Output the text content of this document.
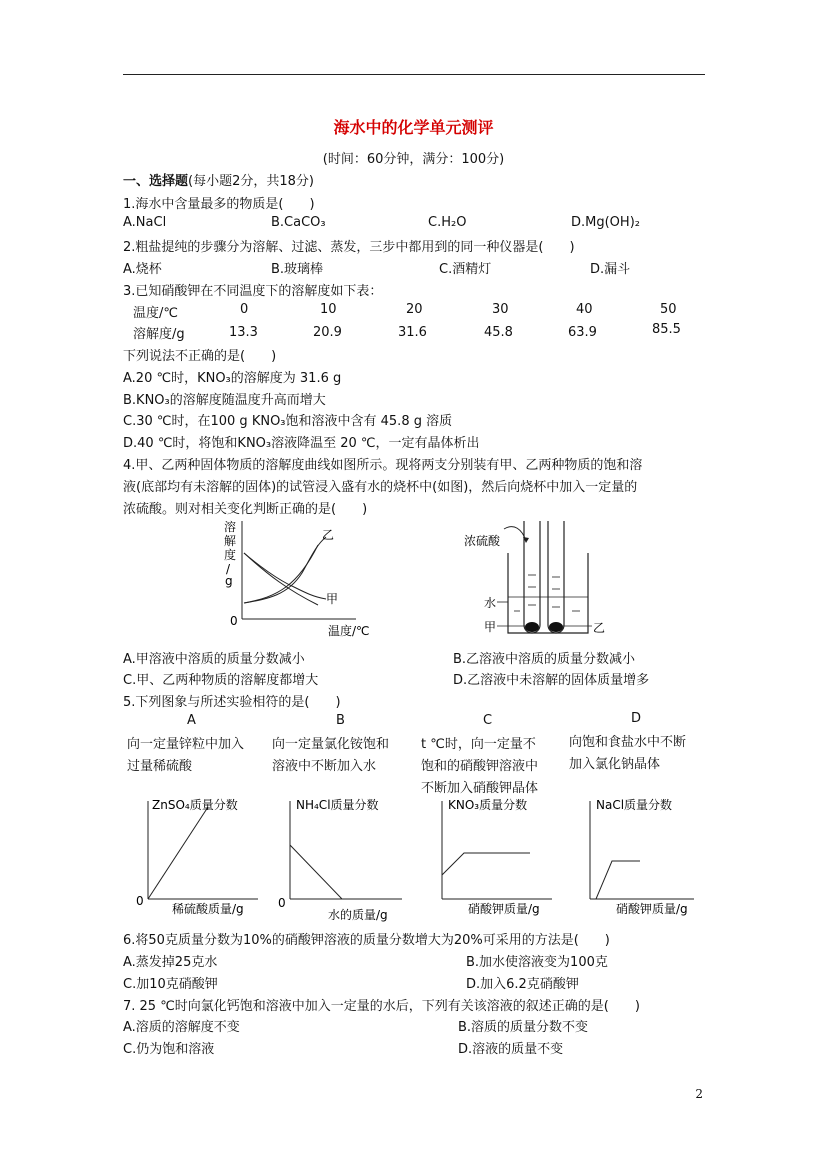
海水中的化学单元测评
(时间：60分钟，满分：100分)
一、选择题(每小题2分，共18分)
1.海水中含量最多的物质是(　　)
A.NaCl	B.CaCO₃	C.H₂O	D.Mg(OH)₂
2.粗盐提纯的步骤分为溶解、过滤、蒸发，三步中都用到的同一种仪器是(　　)
A.烧杯	B.玻璃棒	C.酒精灯	D.漏斗
3.已知硝酸钾在不同温度下的溶解度如下表：
温度/℃	0	10	20	30	40	50
溶解度/g	13.3	20.9	31.6	45.8	63.9	85.5
下列说法不正确的是(　　)
A.20 ℃时，KNO₃的溶解度为 31.6 g
B.KNO₃的溶解度随温度升高而增大
C.30 ℃时，在100 g KNO₃饱和溶液中含有 45.8 g 溶质
D.40 ℃时，将饱和KNO₃溶液降温至 20 ℃，一定有晶体析出
4.甲、乙两种固体物质的溶解度曲线如图所示。现将两支分别装有甲、乙两种物质的饱和溶
液(底部均有未溶解的固体)的试管浸入盛有水的烧杯中(如图)，然后向烧杯中加入一定量的
浓硫酸。则对相关变化判断正确的是(　　)
溶
解
度
/
g
乙
甲
0
温度/℃
浓硫酸
水
甲	乙
A.甲溶液中溶质的质量分数减小	B.乙溶液中溶质的质量分数减小
C.甲、乙两种物质的溶解度都增大	D.乙溶液中未溶解的固体质量增多
5.下列图象与所述实验相符的是(　　)
A	B	C	D
向一定量锌粒中加入
过量稀硫酸
向一定量氯化铵饱和
溶液中不断加入水
t ℃时，向一定量不
饱和的硝酸钾溶液中
不断加入硝酸钾晶体
向饱和食盐水中不断
加入氯化钠晶体
ZnSO₄质量分数
0
稀硫酸质量/g
NH₄Cl质量分数
0
水的质量/g
KNO₃质量分数
硝酸钾质量/g
NaCl质量分数
硝酸钾质量/g
6.将50克质量分数为10%的硝酸钾溶液的质量分数增大为20%可采用的方法是(　　)
A.蒸发掉25克水	B.加水使溶液变为100克
C.加10克硝酸钾	D.加入6.2克硝酸钾
7. 25 ℃时向氯化钙饱和溶液中加入一定量的水后，下列有关该溶液的叙述正确的是(　　)
A.溶质的溶解度不变	B.溶质的质量分数不变
C.仍为饱和溶液	D.溶液的质量不变
2
